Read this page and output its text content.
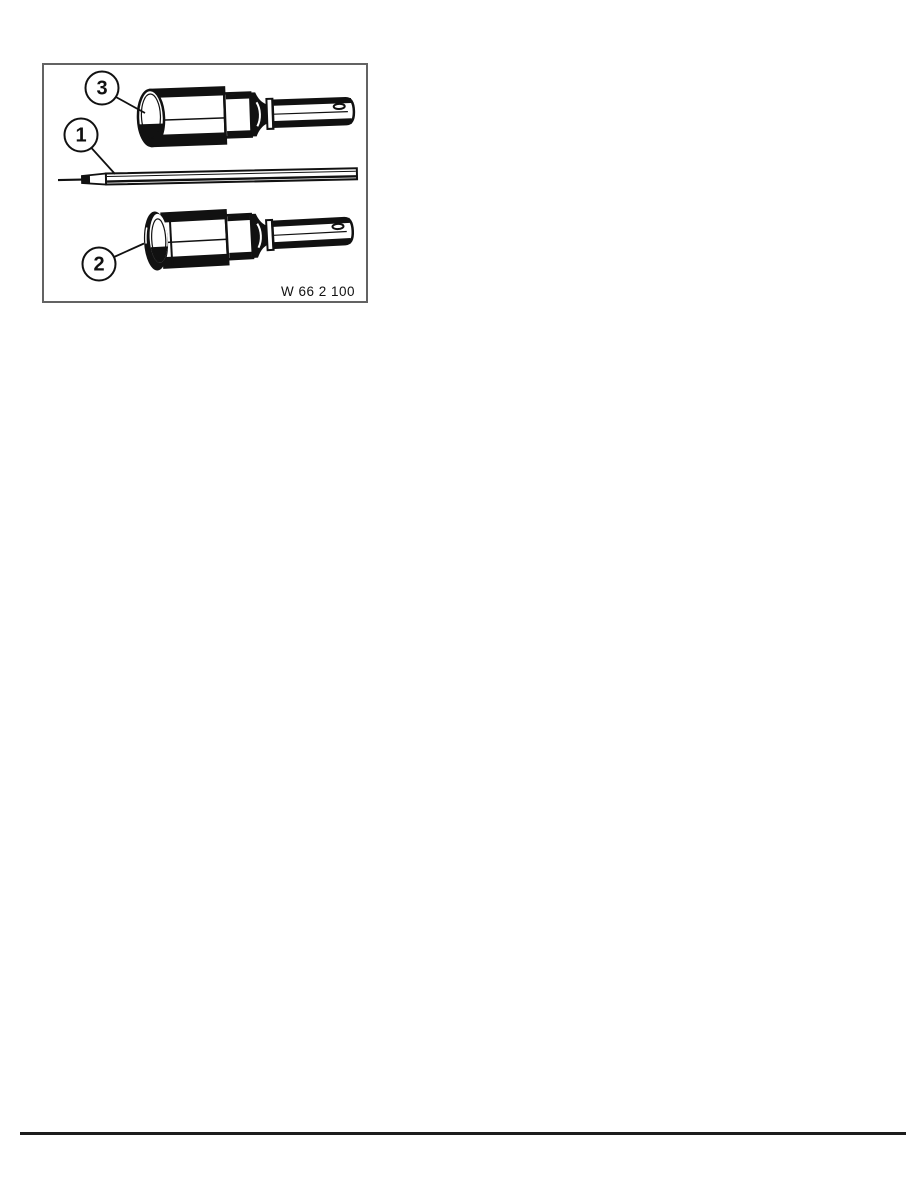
3
1
2
W 66 2 100
